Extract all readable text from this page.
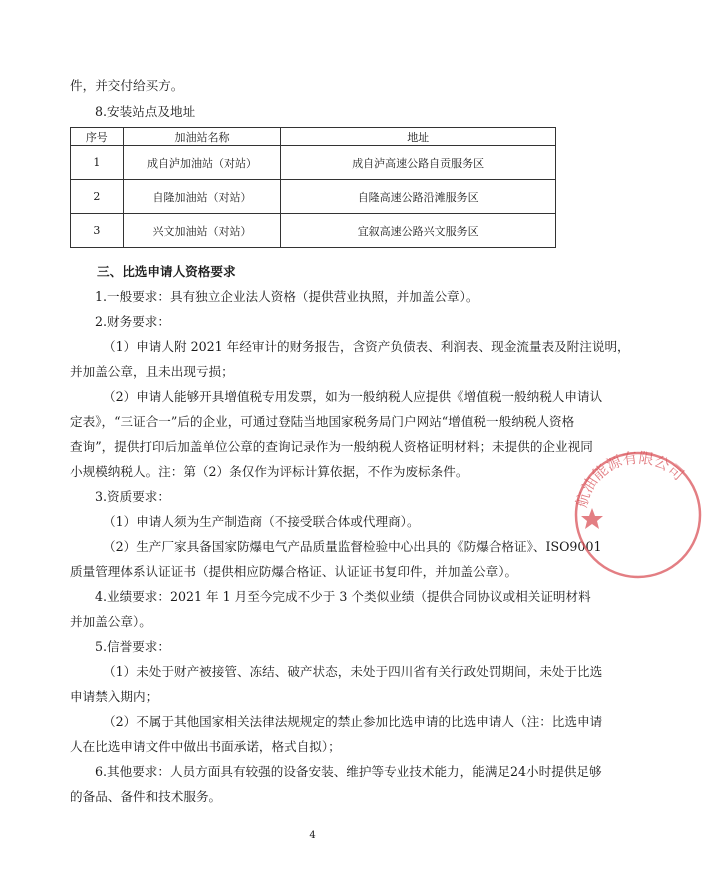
件，并交付给买方。
8.安装站点及地址
序号	加油站名称	地址
1	成自泸加油站（对站）	成自泸高速公路自贡服务区
2	自隆加油站（对站）	自隆高速公路沿滩服务区
3	兴文加油站（对站）	宜叙高速公路兴文服务区
三、比选申请人资格要求
1.一般要求：具有独立企业法人资格（提供营业执照，并加盖公章）。
2.财务要求：
（1）申请人附 2021 年经审计的财务报告，含资产负债表、利润表、现金流量表及附注说明，
并加盖公章，且未出现亏损；
（2）申请人能够开具增值税专用发票，如为一般纳税人应提供《增值税一般纳税人申请认
定表》，“三证合一”后的企业，可通过登陆当地国家税务局门户网站“增值税一般纳税人资格
查询”，提供打印后加盖单位公章的查询记录作为一般纳税人资格证明材料；未提供的企业视同
小规模纳税人。注：第（2）条仅作为评标计算依据，不作为废标条件。
3.资质要求：
（1）申请人须为生产制造商（不接受联合体或代理商）。
（2）生产厂家具备国家防爆电气产品质量监督检验中心出具的《防爆合格证》、ISO9001
质量管理体系认证证书（提供相应防爆合格证、认证证书复印件，并加盖公章）。
4.业绩要求：2021 年 1 月至今完成不少于 3 个类似业绩（提供合同协议或相关证明材料
并加盖公章）。
5.信誉要求：
（1）未处于财产被接管、冻结、破产状态，未处于四川省有关行政处罚期间，未处于比选
申请禁入期内；
（2）不属于其他国家相关法律法规规定的禁止参加比选申请的比选申请人（注：比选申请
人在比选申请文件中做出书面承诺，格式自拟）；
6.其他要求：人员方面具有较强的设备安装、维护等专业技术能力，能满足24小时提供足够
的备品、备件和技术服务。
4
航油能源有限公司
